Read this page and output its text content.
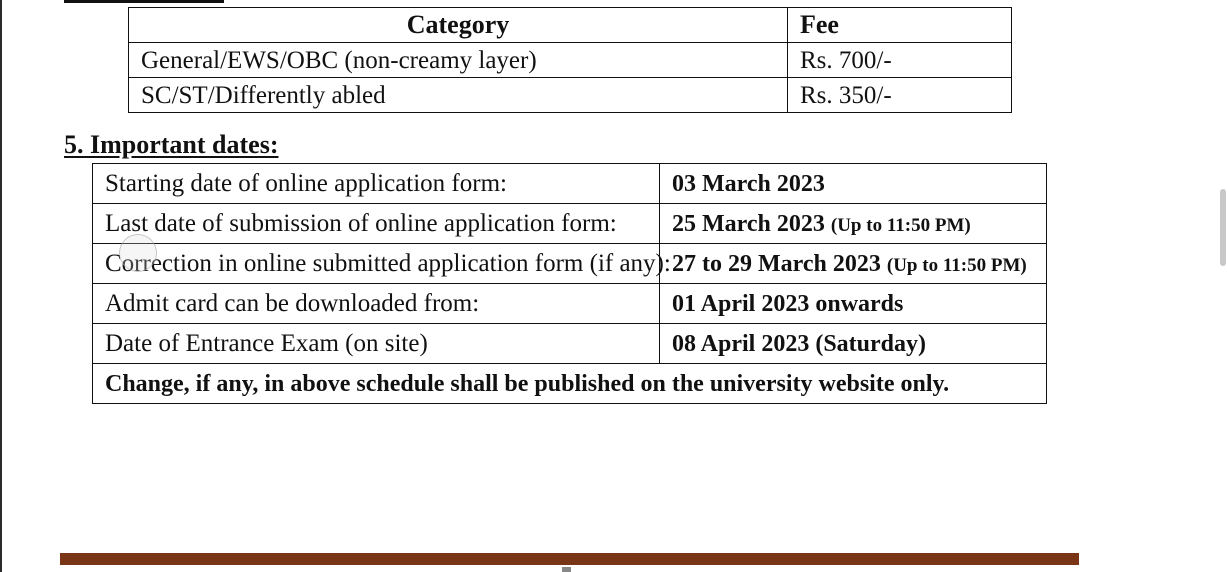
Category	Fee
General/EWS/OBC (non-creamy layer)	Rs. 700/-
SC/ST/Differently abled	Rs. 350/-
5. Important dates:
Starting date of online application form:	03 March 2023
Last date of submission of online application form:	25 March 2023 (Up to 11:50 PM)
Correction in online submitted application form (if any):	27 to 29 March 2023 (Up to 11:50 PM)
Admit card can be downloaded from:	01 April 2023 onwards
Date of Entrance Exam (on site)	08 April 2023 (Saturday)
Change, if any, in above schedule shall be published on the university website only.	
